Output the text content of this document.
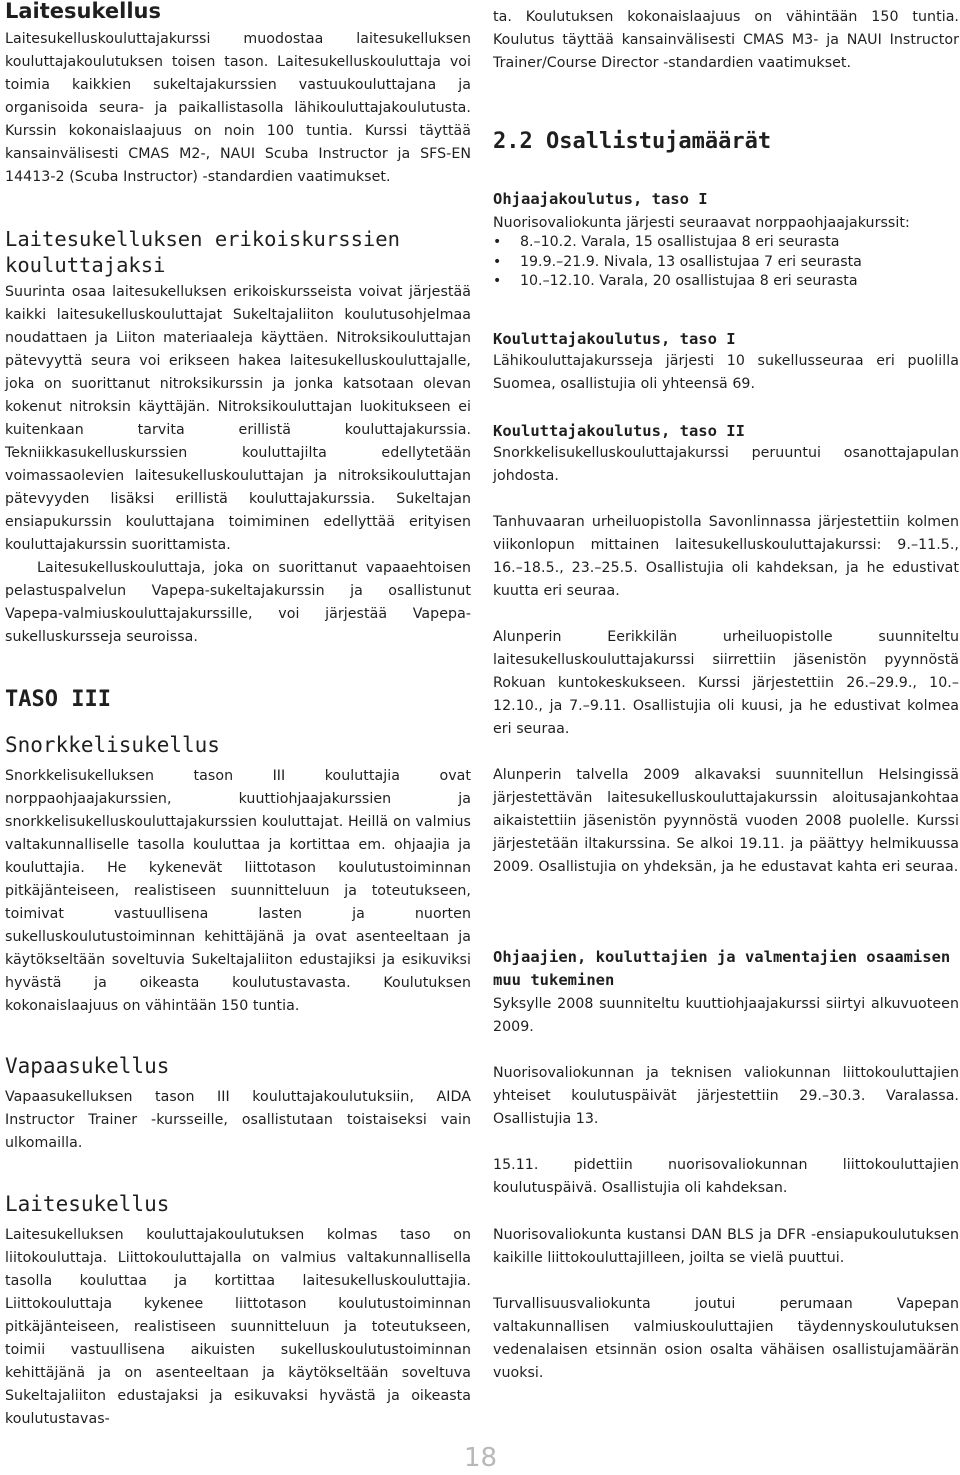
Laitesukellus

Laitesukelluskouluttajakurssi muodostaa laitesukelluksen kouluttajakoulutuksen toisen tason. Laitesukelluskouluttaja voi toimia kaikkien sukeltajakurssien vastuukouluttajana ja organisoida seura- ja paikallistasolla lähikouluttajakoulutusta. Kurssin kokonaislaajuus on noin 100 tuntia. Kurssi täyttää kansainvälisesti CMAS M2-, NAUI Scuba Instructor ja SFS-EN 14413-2 (Scuba Instructor) -standardien vaatimukset.

Laitesukelluksen erikoiskurssien kouluttajaksi

Suurinta osaa laitesukelluksen erikoiskursseista voivat järjestää kaikki laitesukelluskouluttajat Sukeltajaliiton koulutusohjelmaa noudattaen ja Liiton materiaaleja käyttäen. Nitroksikouluttajan pätevyyttä seura voi erikseen hakea laitesukelluskouluttajalle, joka on suorittanut nitroksikurssin ja jonka katsotaan olevan kokenut nitroksin käyttäjän. Nitroksikouluttajan luokitukseen ei kuitenkaan tarvita erillistä kouluttajakurssia. Tekniikkasukelluskurssien kouluttajilta edellytetään voimassaolevien laitesukelluskouluttajan ja nitroksikouluttajan pätevyyden lisäksi erillistä kouluttajakurssia. Sukeltajan ensiapukurssin kouluttajana toimiminen edellyttää erityisen kouluttajakurssin suorittamista.

Laitesukelluskouluttaja, joka on suorittanut vapaaehtoisen pelastuspalvelun Vapepa-sukeltajakurssin ja osallistunut Vapepa-valmiuskouluttajakurssille, voi järjestää Vapepa-sukelluskursseja seuroissa.

TASO III
Snorkkelisukellus

Snorkkelisukelluksen tason III kouluttajia ovat norppaohjaajakurssien, kuuttiohjaajakurssien ja snorkkelisukelluskouluttajakurssien kouluttajat. Heillä on valmius valtakunnalliselle tasolla kouluttaa ja kortittaa em. ohjaajia ja kouluttajia. He kykenevät liittotason koulutustoiminnan pitkäjänteiseen, realistiseen suunnitteluun ja toteutukseen, toimivat vastuullisena lasten ja nuorten sukelluskoulutustoiminnan kehittäjänä ja ovat asenteeltaan ja käytökseltään soveltuvia Sukeltajaliiton edustajiksi ja esikuviksi hyvästä ja oikeasta koulutustavasta. Koulutuksen kokonaislaajuus on vähintään 150 tuntia.

Vapaasukellus

Vapaasukelluksen tason III kouluttajakoulutuksiin, AIDA Instructor Trainer -kursseille, osallistutaan toistaiseksi vain ulkomailla.

Laitesukellus

Laitesukelluksen kouluttajakoulutuksen kolmas taso on liitokouluttaja. Liittokouluttajalla on valmius valtakunnallisella tasolla kouluttaa ja kortittaa laitesukelluskouluttajia. Liittokouluttaja kykenee liittotason koulutustoiminnan pitkäjänteiseen, realistiseen suunnitteluun ja toteutukseen, toimii vastuullisena aikuisten sukelluskoulutustoiminnan kehittäjänä ja on asenteeltaan ja käytökseltään soveltuva Sukeltajaliiton edustajaksi ja esikuvaksi hyvästä ja oikeasta koulutustavas-

ta. Koulutuksen kokonaislaajuus on vähintään 150 tuntia. Koulutus täyttää kansainvälisesti CMAS M3- ja NAUI Instructor Trainer/Course Director -standardien vaatimukset.

2.2 Osallistujamäärät
Ohjaajakoulutus, taso I

Nuorisovaliokunta järjesti seuraavat norppaohjaajakurssit:

• 8.–10.2. Varala, 15 osallistujaa 8 eri seurasta
• 19.9.–21.9. Nivala, 13 osallistujaa 7 eri seurasta
• 10.–12.10. Varala, 20 osallistujaa 8 eri seurasta
Kouluttajakoulutus, taso I

Lähikouluttajakursseja järjesti 10 sukellusseuraa eri puolilla Suomea, osallistujia oli yhteensä 69.

Kouluttajakoulutus, taso II

Snorkkelisukelluskouluttajakurssi peruuntui osanottajapulan johdosta.

Tanhuvaaran urheiluopistolla Savonlinnassa järjestettiin kolmen viikonlopun mittainen laitesukelluskouluttajakurssi: 9.–11.5., 16.–18.5., 23.–25.5. Osallistujia oli kahdeksan, ja he edustivat kuutta eri seuraa.

Alunperin Eerikkilän urheiluopistolle suunniteltu laitesukelluskouluttajakurssi siirrettiin jäsenistön pyynnöstä Rokuan kuntokeskukseen. Kurssi järjestettiin 26.–29.9., 10.–12.10., ja 7.–9.11. Osallistujia oli kuusi, ja he edustivat kolmea eri seuraa.

Alunperin talvella 2009 alkavaksi suunnitellun Helsingissä järjestettävän laitesukelluskouluttajakurssin aloitusajankohtaa aikaistettiin jäsenistön pyynnöstä vuoden 2008 puolelle. Kurssi järjestetään iltakurssina. Se alkoi 19.11. ja päättyy helmikuussa 2009. Osallistujia on yhdeksän, ja he edustavat kahta eri seuraa.

Ohjaajien, kouluttajien ja valmentajien osaamisen muu tukeminen

Syksylle 2008 suunniteltu kuuttiohjaajakurssi siirtyi alkuvuoteen 2009.

Nuorisovaliokunnan ja teknisen valiokunnan liittokouluttajien yhteiset koulutuspäivät järjestettiin 29.–30.3. Varalassa. Osallistujia 13.

15.11. pidettiin nuorisovaliokunnan liittokouluttajien koulutuspäivä. Osallistujia oli kahdeksan.

Nuorisovaliokunta kustansi DAN BLS ja DFR -ensiapukoulutuksen kaikille liittokouluttajilleen, joilta se vielä puuttui.

Turvallisuusvaliokunta joutui perumaan Vapepan valtakunnallisen valmiuskouluttajien täydennyskoulutuksen vedenalaisen etsinnän osion osalta vähäisen osallistujamäärän vuoksi.

18
